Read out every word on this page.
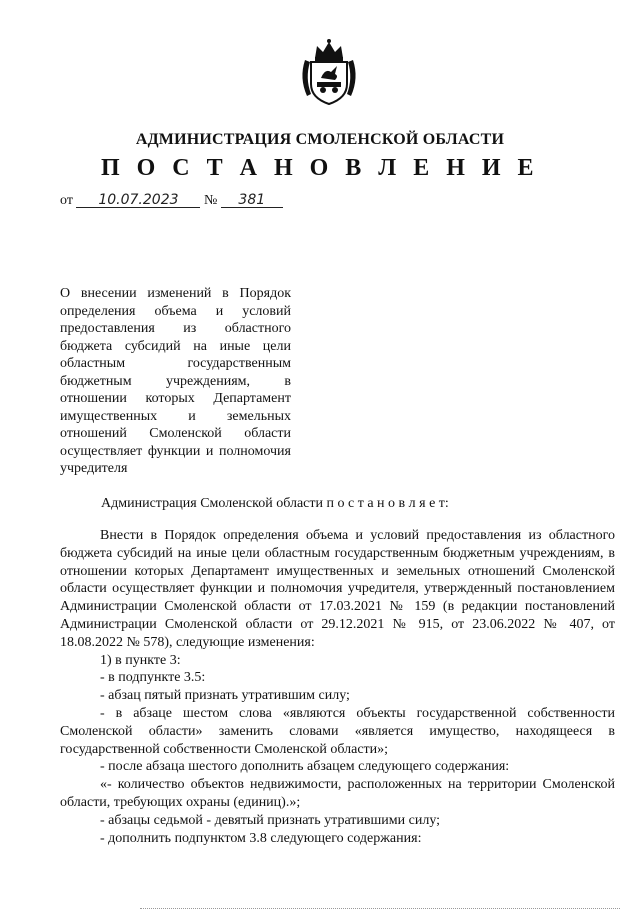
АДМИНИСТРАЦИЯ СМОЛЕНСКОЙ ОБЛАСТИ
П О С Т А Н О В Л Е Н И Е
от 10.07.2023 № 381
О внесении изменений в Порядок определения объема и условий предоставления из областного бюджета субсидий на иные цели областным государственным бюджетным учреждениям, в отношении которых Департамент имущественных и земельных отношений Смоленской области осуществляет функции и полномочия учредителя
Администрация Смоленской области п о с т а н о в л я е т:

Внести в Порядок определения объема и условий предоставления из областного бюджета субсидий на иные цели областным государственным бюджетным учреждениям, в отношении которых Департамент имущественных и земельных отношений Смоленской области осуществляет функции и полномочия учредителя, утвержденный постановлением Администрации Смоленской области от 17.03.2021 № 159 (в редакции постановлений Администрации Смоленской области от 29.12.2021 № 915, от 23.06.2022 № 407, от 18.08.2022 № 578), следующие изменения:

1) в пункте 3:

- в подпункте 3.5:

- абзац пятый признать утратившим силу;

- в абзаце шестом слова «являются объекты государственной собственности Смоленской области» заменить словами «является имущество, находящееся в государственной собственности Смоленской области»;

- после абзаца шестого дополнить абзацем следующего содержания:

«- количество объектов недвижимости, расположенных на территории Смоленской области, требующих охраны (единиц).»;

- абзацы седьмой - девятый признать утратившими силу;

- дополнить подпунктом 3.8 следующего содержания:
